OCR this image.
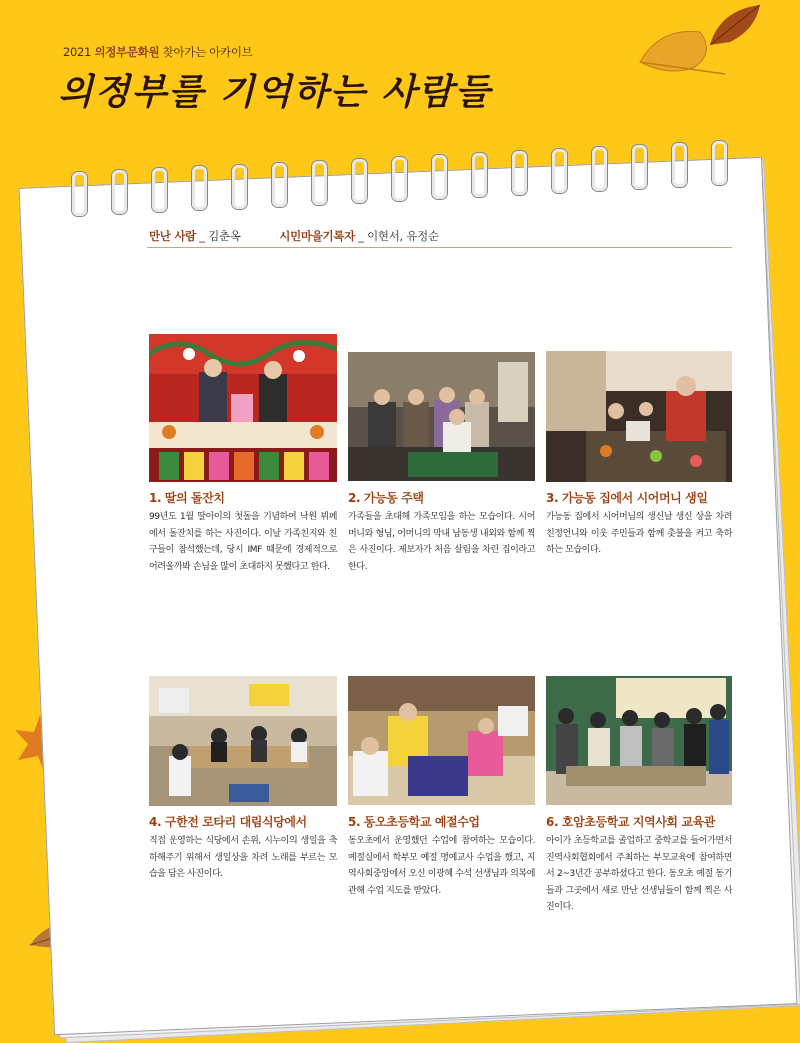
2021 의정부문화원 찾아가는 아카이브
의정부를 기억하는 사람들
만난 사람 _ 김춘옥	시민마을기록자 _ 이현서, 유정순
1. 딸의 돌잔치
99년도 1월 딸아이의 첫돌을 기념하여 낙원 뷔페에서 돌잔치를 하는 사진이다. 이날 가족친지와 친구들이 참석했는데, 당시 IMF 때문에 경제적으로 어려울까봐 손님을 많이 초대하지 못했다고 한다.
2. 가능동 주택
가족들을 초대해 가족모임을 하는 모습이다. 시어머니와 형님, 어머니의 막내 남동생 내외와 함께 찍은 사진이다. 제보자가 처음 살림을 차린 집이라고 한다.
3. 가능동 집에서 시어머니 생일
가능동 집에서 시어머님의 생신날 생신 상을 차려 친정언니와 이웃 주민들과 함께 촛불을 켜고 축하하는 모습이다.
4. 구한전 로타리 대림식당에서
직접 운영하는 식당에서 손위, 시누이의 생일을 축하해주기 위해서 생일상을 차려 노래를 부르는 모습을 담은 사진이다.
5. 동오초등학교 예절수업
동오초에서 운영했던 수업에 참여하는 모습이다. 예절실에서 학부모 예절 명예교사 수업을 했고, 지역사회중앙에서 오신 이광혜 수석 선생님과 의복에 관해 수업 지도를 받았다.
6. 호암초등학교 지역사회 교육관
아이가 초등학교를 졸업하고 중학교를 들어가면서 진역사회협회에서 주최하는 부모교육에 참여하면서 2~3년간 공부하셨다고 한다. 동오초 예절 동기들과 그곳에서 새로 만난 선생님들이 함께 찍은 사진이다.
